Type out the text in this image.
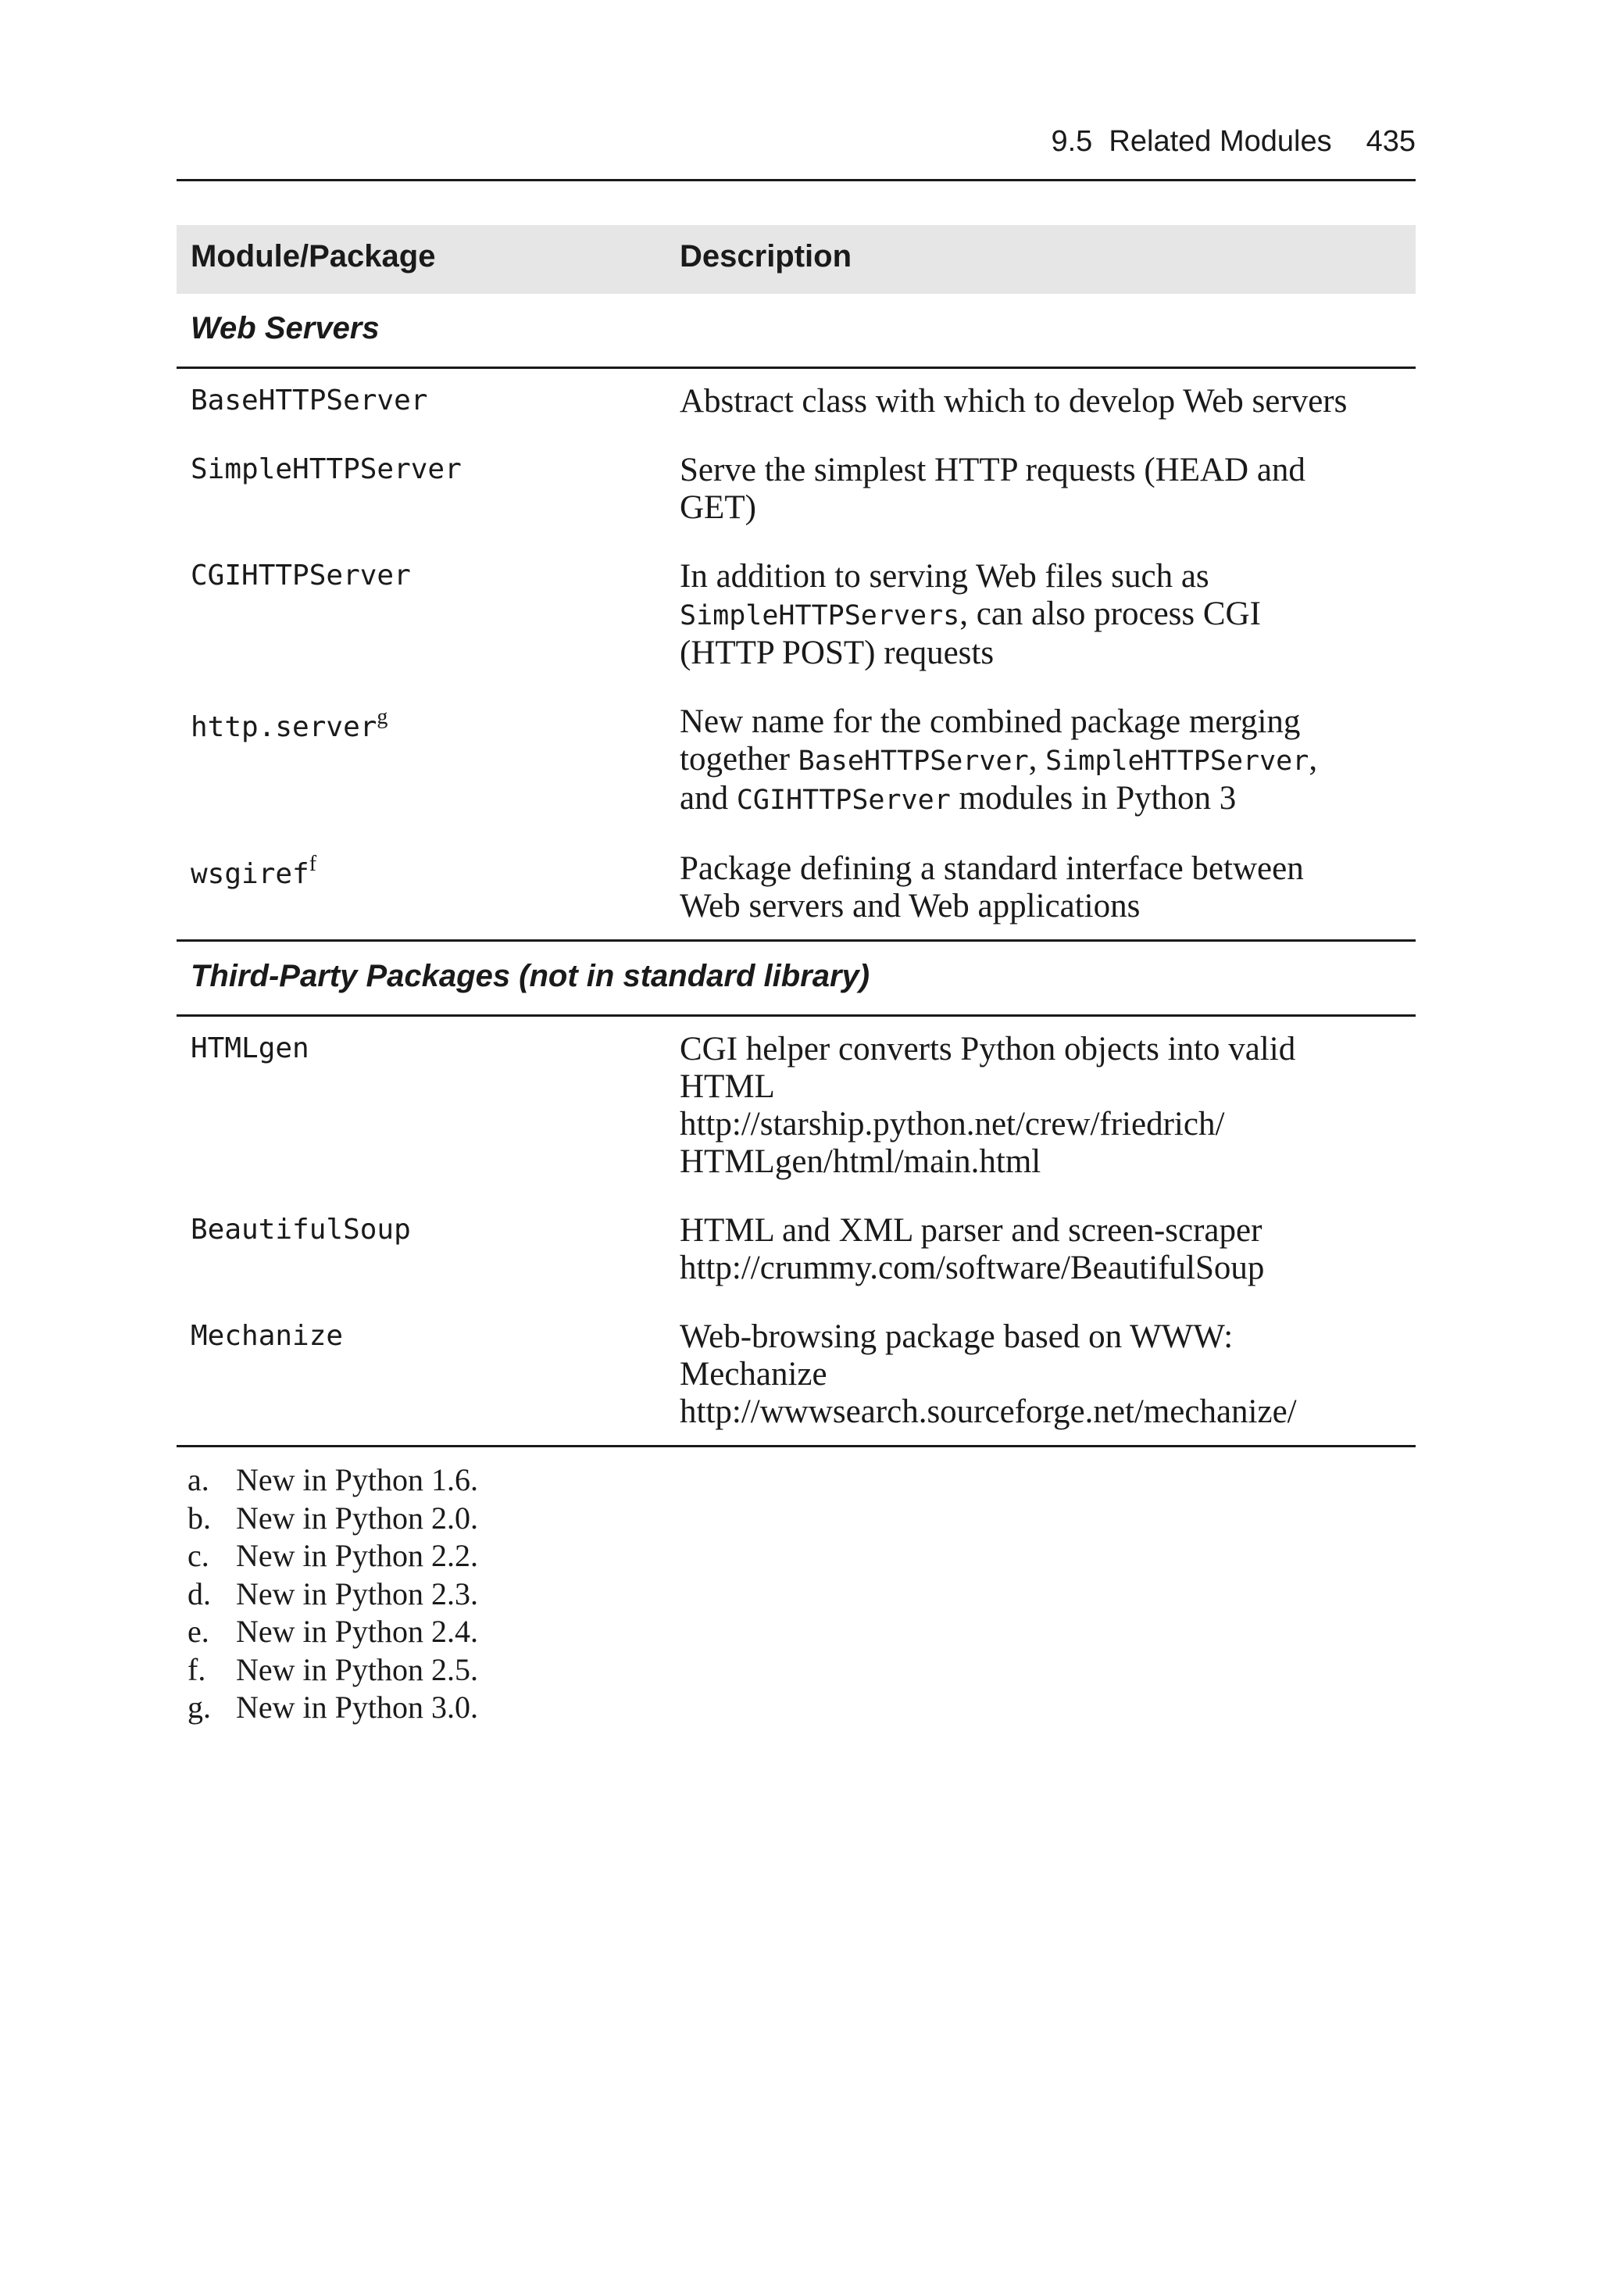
9.5  Related Modules 435
Module/Package	Description
Web Servers
BaseHTTPServer	Abstract class with which to develop Web servers
SimpleHTTPServer	Serve the simplest HTTP requests (HEAD and
GET)
CGIHTTPServer	In addition to serving Web files such as
SimpleHTTPServers, can also process CGI
(HTTP POST) requests
http.server$^g$	New name for the combined package merging
together BaseHTTPServer, SimpleHTTPServer,
and CGIHTTPServer modules in Python 3
wsgiref$^f$	Package defining a standard interface between
Web servers and Web applications
Third-Party Packages (not in standard library)
HTMLgen	CGI helper converts Python objects into valid
HTML
http://starship.python.net/crew/friedrich/
HTMLgen/html/main.html
BeautifulSoup	HTML and XML parser and screen-scraper
http://crummy.com/software/BeautifulSoup
Mechanize	Web-browsing package based on WWW:
Mechanize
http://wwwsearch.sourceforge.net/mechanize/
a. New in Python 1.6.
b. New in Python 2.0.
c. New in Python 2.2.
d. New in Python 2.3.
e. New in Python 2.4.
f. New in Python 2.5.
g. New in Python 3.0.
